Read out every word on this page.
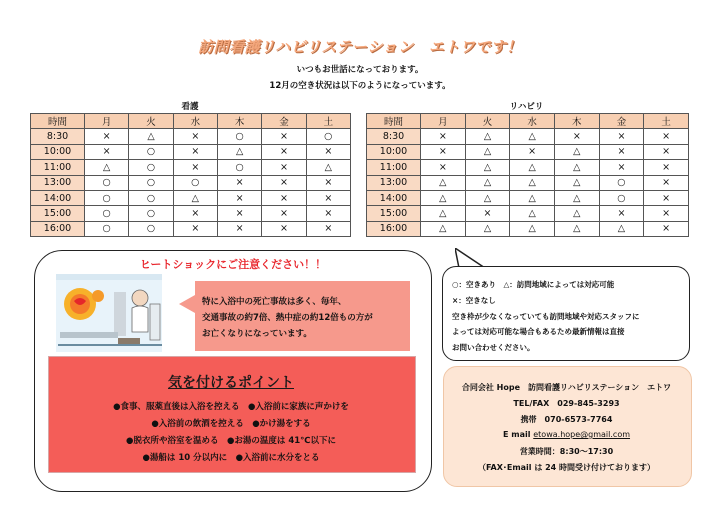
訪問看護リハビリステーション　エトワです！
いつもお世話になっております。
12月の空き状況は以下のようになっています。
看護
時間	月	火	水	木	金	土
8:30	×	△	×	○	×	○
10:00	×	○	×	△	×	×
11:00	△	○	×	○	×	△
13:00	○	○	○	×	×	×
14:00	○	○	△	×	×	×
15:00	○	○	×	×	×	×
16:00	○	○	×	×	×	×
リハビリ
時間	月	火	水	木	金	土
8:30	×	△	△	×	×	×
10:00	×	△	×	△	×	×
11:00	×	△	△	△	×	×
13:00	△	△	△	△	○	×
14:00	△	△	△	△	○	×
15:00	△	×	△	△	×	×
16:00	△	△	△	△	△	×
ヒートショックにご注意ください！！
特に入浴中の死亡事故は多く、毎年、
交通事故の約7倍、熱中症の約12倍もの方が
お亡くなりになっています。
気を付けるポイント
●食事、服薬直後は入浴を控える　●入浴前に家族に声かけを
●入浴前の飲酒を控える　●かけ湯をする
●脱衣所や浴室を温める　●お湯の温度は 41℃以下に
●湯船は 10 分以内に　●入浴前に水分をとる
○：空きあり　△：訪問地域によっては対応可能
×：空きなし
空き枠が少なくなっていても訪問地域や対応スタッフに
よっては対応可能な場合もあるため最新情報は直接
お問い合わせください。
合同会社 Hope　訪問看護リハビリステーション　エトワ
TEL/FAX　029-845-3293
携帯　070-6573-7764
E mail etowa.hope@gmail.com
営業時間：8:30～17:30
（FAX･Email は 24 時間受け付けております）
